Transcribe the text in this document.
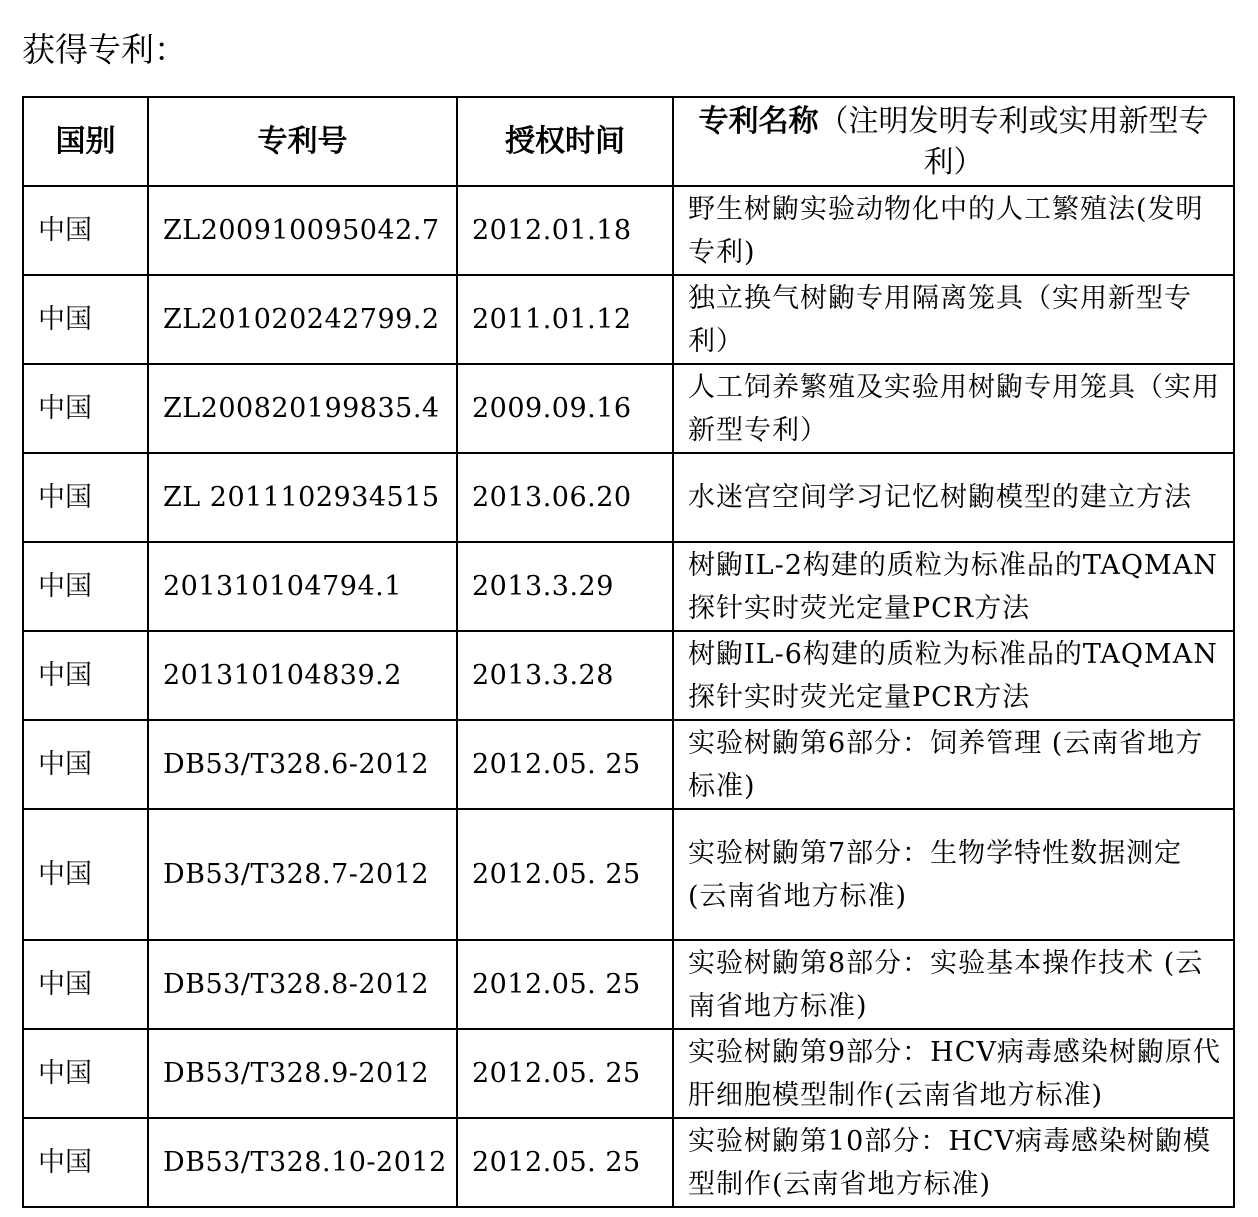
获得专利：
国别	专利号	授权时间	专利名称（注明发明专利或实用新型专利）
中国	ZL200910095042.7	2012.01.18	野生树鼩实验动物化中的人工繁殖法(发明专利)
中国	ZL201020242799.2	2011.01.12	独立换气树鼩专用隔离笼具（实用新型专利）
中国	ZL200820199835.4	2009.09.16	人工饲养繁殖及实验用树鼩专用笼具（实用新型专利）
中国	ZL 2011102934515	2013.06.20	水迷宫空间学习记忆树鼩模型的建立方法
中国	201310104794.1	2013.3.29	树鼩IL-2构建的质粒为标准品的TAQMAN探针实时荧光定量PCR方法
中国	201310104839.2	2013.3.28	树鼩IL-6构建的质粒为标准品的TAQMAN探针实时荧光定量PCR方法
中国	DB53/T328.6-2012	2012.05. 25	实验树鼩第6部分：饲养管理 (云南省地方标准)
中国	DB53/T328.7-2012	2012.05. 25	实验树鼩第7部分：生物学特性数据测定 (云南省地方标准)
中国	DB53/T328.8-2012	2012.05. 25	实验树鼩第8部分：实验基本操作技术 (云南省地方标准)
中国	DB53/T328.9-2012	2012.05. 25	实验树鼩第9部分：HCV病毒感染树鼩原代肝细胞模型制作(云南省地方标准)
中国	DB53/T328.10-2012	2012.05. 25	实验树鼩第10部分：HCV病毒感染树鼩模型制作(云南省地方标准)
